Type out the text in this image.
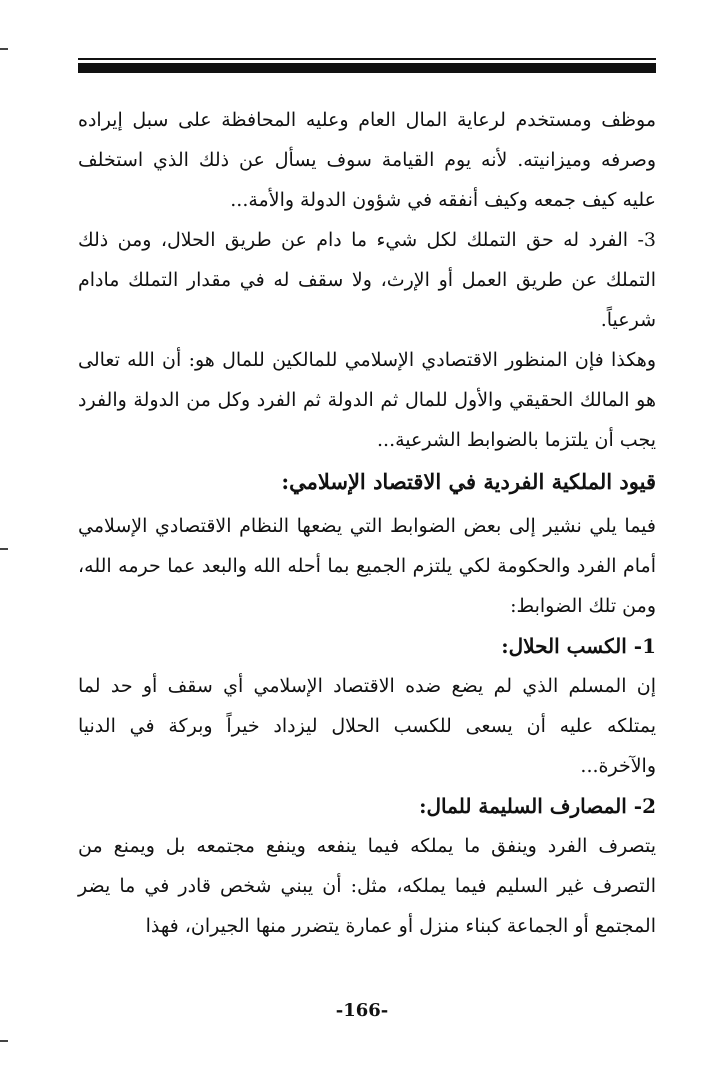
موظف ومستخدم لرعاية المال العام وعليه المحافظة على سبل إيراده وصرفه وميزانيته. لأنه يوم القيامة سوف يسأل عن ذلك الذي استخلف عليه كيف جمعه وكيف أنفقه في شؤون الدولة والأمة...

3- الفرد له حق التملك لكل شيء ما دام عن طريق الحلال، ومن ذلك التملك عن طريق العمل أو الإرث، ولا سقف له في مقدار التملك مادام شرعياً.

وهكذا فإن المنظور الاقتصادي الإسلامي للمالكين للمال هو: أن الله تعالى هو المالك الحقيقي والأول للمال ثم الدولة ثم الفرد وكل من الدولة والفرد يجب أن يلتزما بالضوابط الشرعية...

قيود الملكية الفردية في الاقتصاد الإسلامي:

فيما يلي نشير إلى بعض الضوابط التي يضعها النظام الاقتصادي الإسلامي أمام الفرد والحكومة لكي يلتزم الجميع بما أحله الله والبعد عما حرمه الله، ومن تلك الضوابط:

1- الكسب الحلال:

إن المسلم الذي لم يضع ضده الاقتصاد الإسلامي أي سقف أو حد لما يمتلكه عليه أن يسعى للكسب الحلال ليزداد خيراً وبركة في الدنيا والآخرة...

2- المصارف السليمة للمال:

يتصرف الفرد وينفق ما يملكه فيما ينفعه وينفع مجتمعه بل ويمنع من التصرف غير السليم فيما يملكه، مثل: أن يبني شخص قادر في ما يضر المجتمع أو الجماعة كبناء منزل أو عمارة يتضرر منها الجيران، فهذا

-166-
